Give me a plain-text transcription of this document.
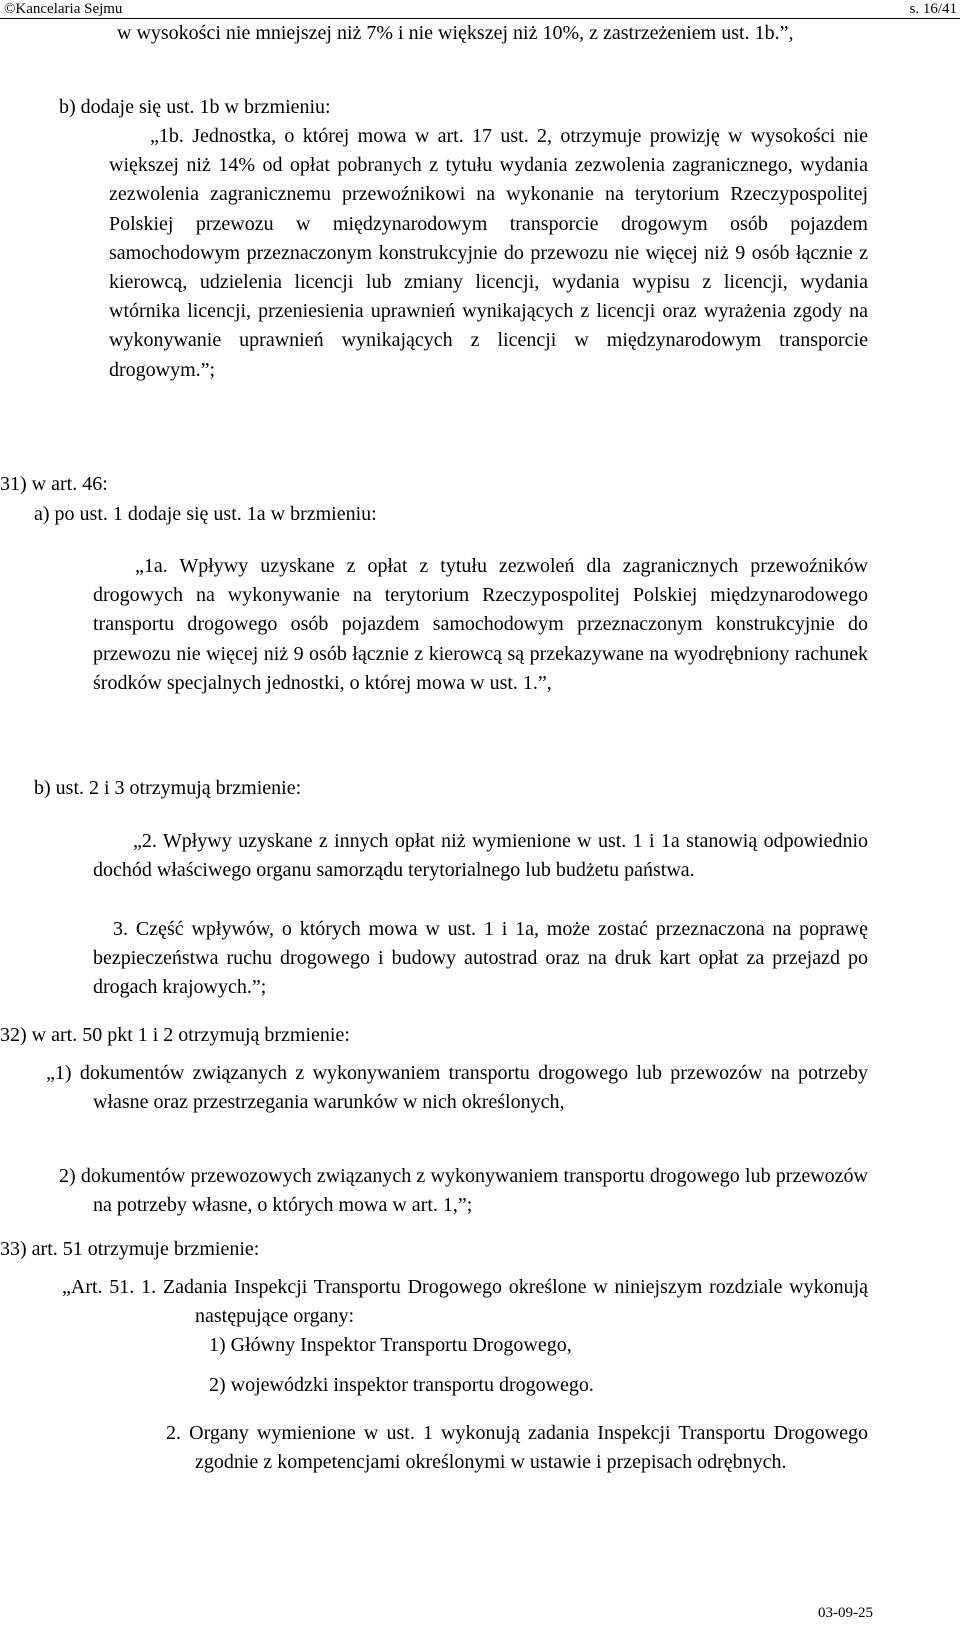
©Kancelaria Sejmu	s. 16/41
w wysokości nie mniejszej niż 7% i nie większej niż 10%, z zastrzeżeniem ust. 1b.”,
b) dodaje się ust. 1b w brzmieniu:
„1b. Jednostka, o której mowa w art. 17 ust. 2, otrzymuje prowizję w wysokości nie większej niż 14% od opłat pobranych z tytułu wydania zezwolenia zagranicznego, wydania zezwolenia zagranicznemu przewoźnikowi na wykonanie na terytorium Rzeczypospolitej Polskiej przewozu w międzynarodowym transporcie drogowym osób pojazdem samochodowym przeznaczonym konstrukcyjnie do przewozu nie więcej niż 9 osób łącznie z kierowcą, udzielenia licencji lub zmiany licencji, wydania wypisu z licencji, wydania wtórnika licencji, przeniesienia uprawnień wynikających z licencji oraz wyrażenia zgody na wykonywanie uprawnień wynikających z licencji w międzynarodowym transporcie drogowym.”;
31) w art. 46:
a) po ust. 1 dodaje się ust. 1a w brzmieniu:
„1a. Wpływy uzyskane z opłat z tytułu zezwoleń dla zagranicznych przewoźników drogowych na wykonywanie na terytorium Rzeczypospolitej Polskiej międzynarodowego transportu drogowego osób pojazdem samochodowym przeznaczonym konstrukcyjnie do przewozu nie więcej niż 9 osób łącznie z kierowcą są przekazywane na wyodrębniony rachunek środków specjalnych jednostki, o której mowa w ust. 1.”,
b) ust. 2 i 3 otrzymują brzmienie:
„2. Wpływy uzyskane z innych opłat niż wymienione w ust. 1 i 1a stanowią odpowiednio dochód właściwego organu samorządu terytorialnego lub budżetu państwa.
3. Część wpływów, o których mowa w ust. 1 i 1a, może zostać przeznaczona na poprawę bezpieczeństwa ruchu drogowego i budowy autostrad oraz na druk kart opłat za przejazd po drogach krajowych.”;
32) w art. 50 pkt 1 i 2 otrzymują brzmienie:
„1) dokumentów związanych z wykonywaniem transportu drogowego lub przewozów na potrzeby własne oraz przestrzegania warunków w nich określonych,
2) dokumentów przewozowych związanych z wykonywaniem transportu drogowego lub przewozów na potrzeby własne, o których mowa w art. 1,”;
33) art. 51 otrzymuje brzmienie:
„Art. 51. 1. Zadania Inspekcji Transportu Drogowego określone w niniejszym rozdziale wykonują następujące organy:
1) Główny Inspektor Transportu Drogowego,
2) wojewódzki inspektor transportu drogowego.
2. Organy wymienione w ust. 1 wykonują zadania Inspekcji Transportu Drogowego zgodnie z kompetencjami określonymi w ustawie i przepisach odrębnych.
03-09-25
